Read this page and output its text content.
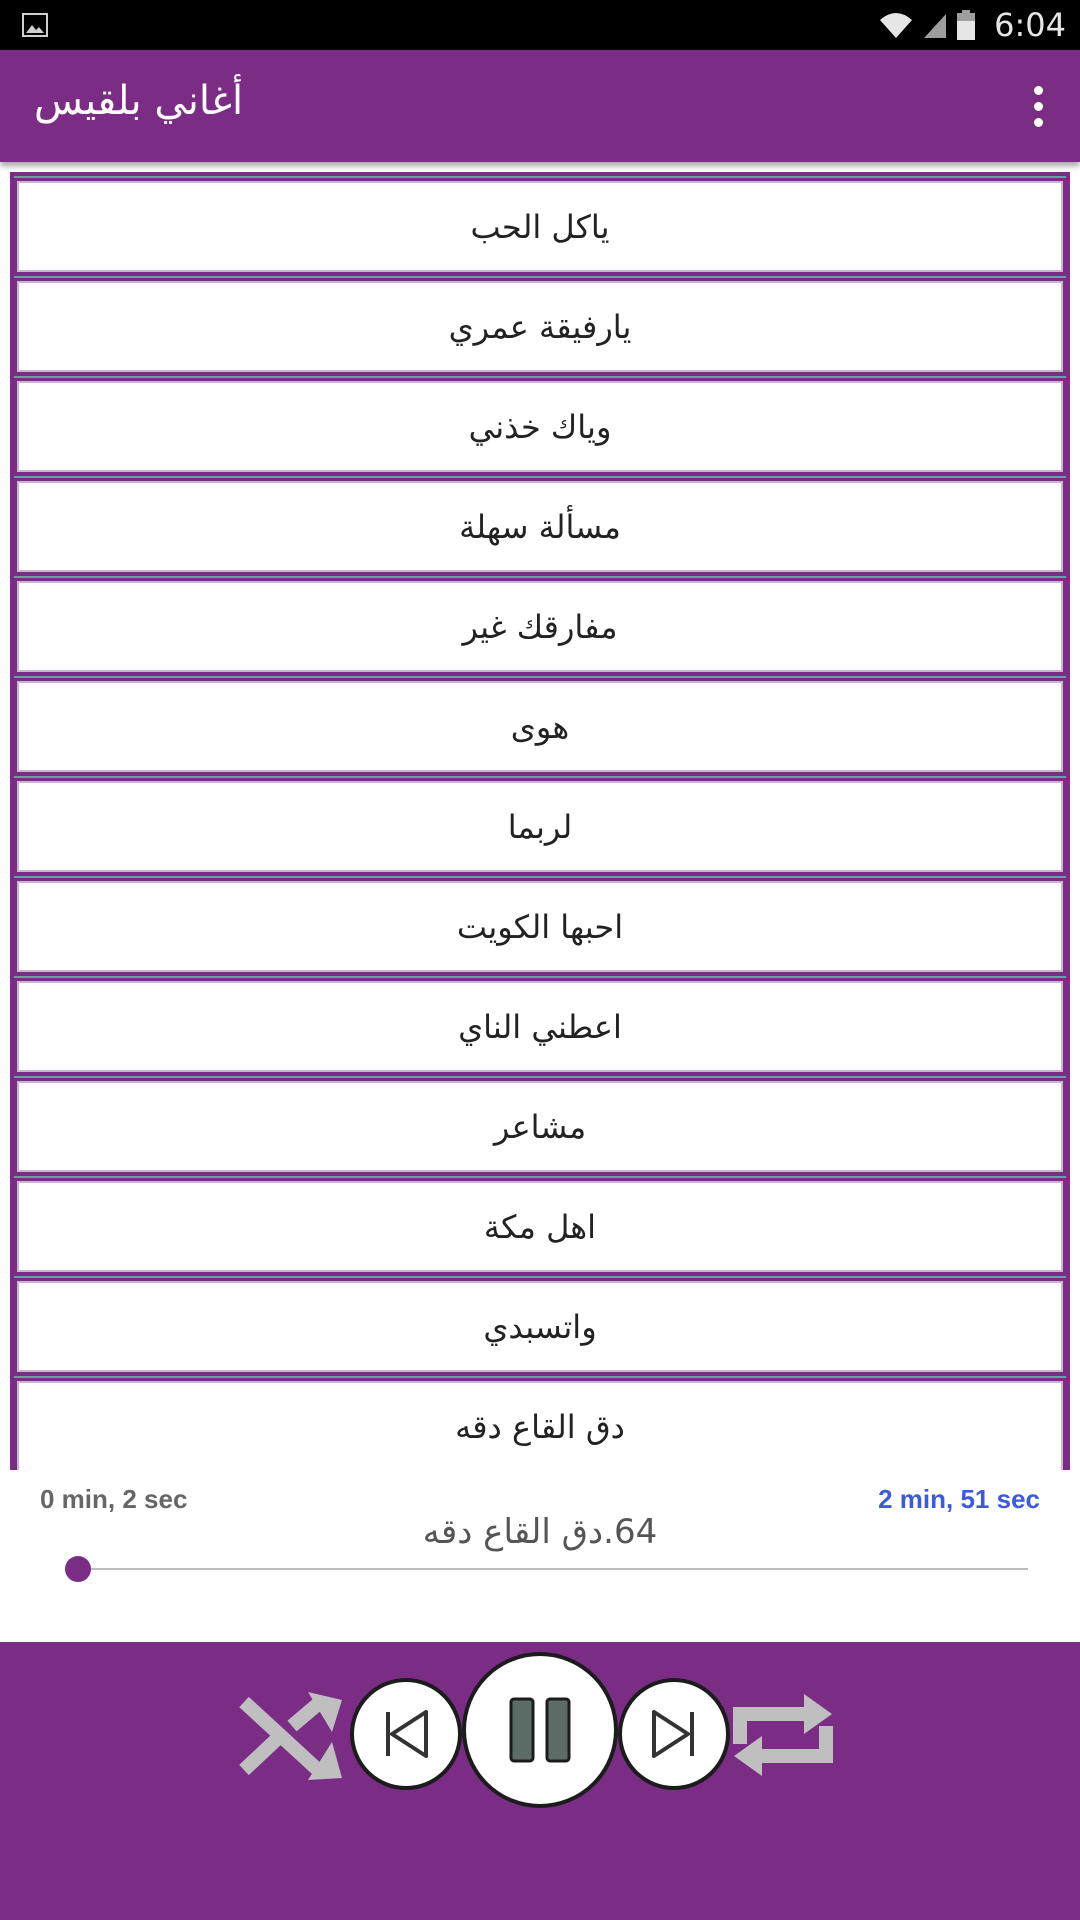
6:04
أغاني بلقيس
ياكل الحب
يارفيقة عمري
وياك خذني
مسألة سهلة
مفارقك غير
هوى
لربما
احبها الكويت
اعطني الناي
مشاعر
اهل مكة
واتسبدي
دق القاع دقه
0 min, 2 sec
64.دق القاع دقه
2 min, 51 sec
